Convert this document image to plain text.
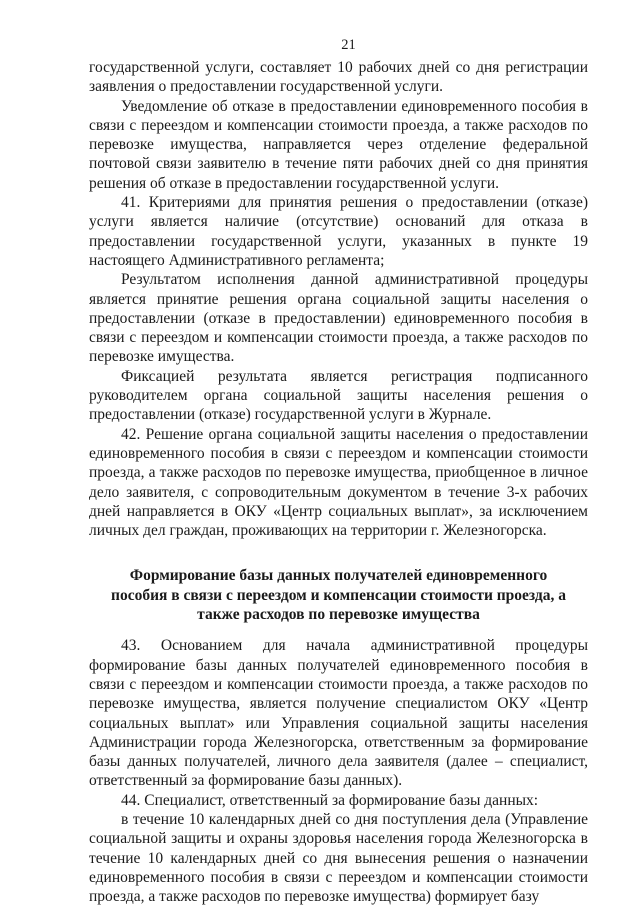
21

государственной услуги, составляет 10 рабочих дней со дня регистрации заявления о предоставлении государственной услуги.

Уведомление об отказе в предоставлении единовременного пособия в связи с переездом и компенсации стоимости проезда, а также расходов по перевозке имущества, направляется через отделение федеральной почтовой связи заявителю в течение пяти рабочих дней со дня принятия решения об отказе в предоставлении государственной услуги.

41. Критериями для принятия решения о предоставлении (отказе) услуги является наличие (отсутствие) оснований для отказа в предоставлении государственной услуги, указанных в пункте 19 настоящего Административного регламента;

Результатом исполнения данной административной процедуры является принятие решения органа социальной защиты населения о предоставлении (отказе в предоставлении) единовременного пособия в связи с переездом и компенсации стоимости проезда, а также расходов по перевозке имущества.

Фиксацией результата является регистрация подписанного руководителем органа социальной защиты населения решения о предоставлении (отказе) государственной услуги в Журнале.

42. Решение органа социальной защиты населения о предоставлении единовременного пособия в связи с переездом и компенсации стоимости проезда, а также расходов по перевозке имущества, приобщенное в личное дело заявителя, с сопроводительным документом в течение 3-х рабочих дней направляется в ОКУ «Центр социальных выплат», за исключением личных дел граждан, проживающих на территории г. Железногорска.

Формирование базы данных получателей единовременного
пособия в связи с переездом и компенсации стоимости проезда, а
также расходов по перевозке имущества

43. Основанием для начала административной процедуры формирование базы данных получателей единовременного пособия в связи с переездом и компенсации стоимости проезда, а также расходов по перевозке имущества, является получение специалистом ОКУ «Центр социальных выплат» или Управления социальной защиты населения Администрации города Железногорска, ответственным за формирование базы данных получателей, личного дела заявителя (далее – специалист, ответственный за формирование базы данных).

44. Специалист, ответственный за формирование базы данных:

в течение 10 календарных дней со дня поступления дела (Управление социальной защиты и охраны здоровья населения города Железногорска в течение 10 календарных дней со дня вынесения решения о назначении единовременного пособия в связи с переездом и компенсации стоимости проезда, а также расходов по перевозке имущества) формирует базу
